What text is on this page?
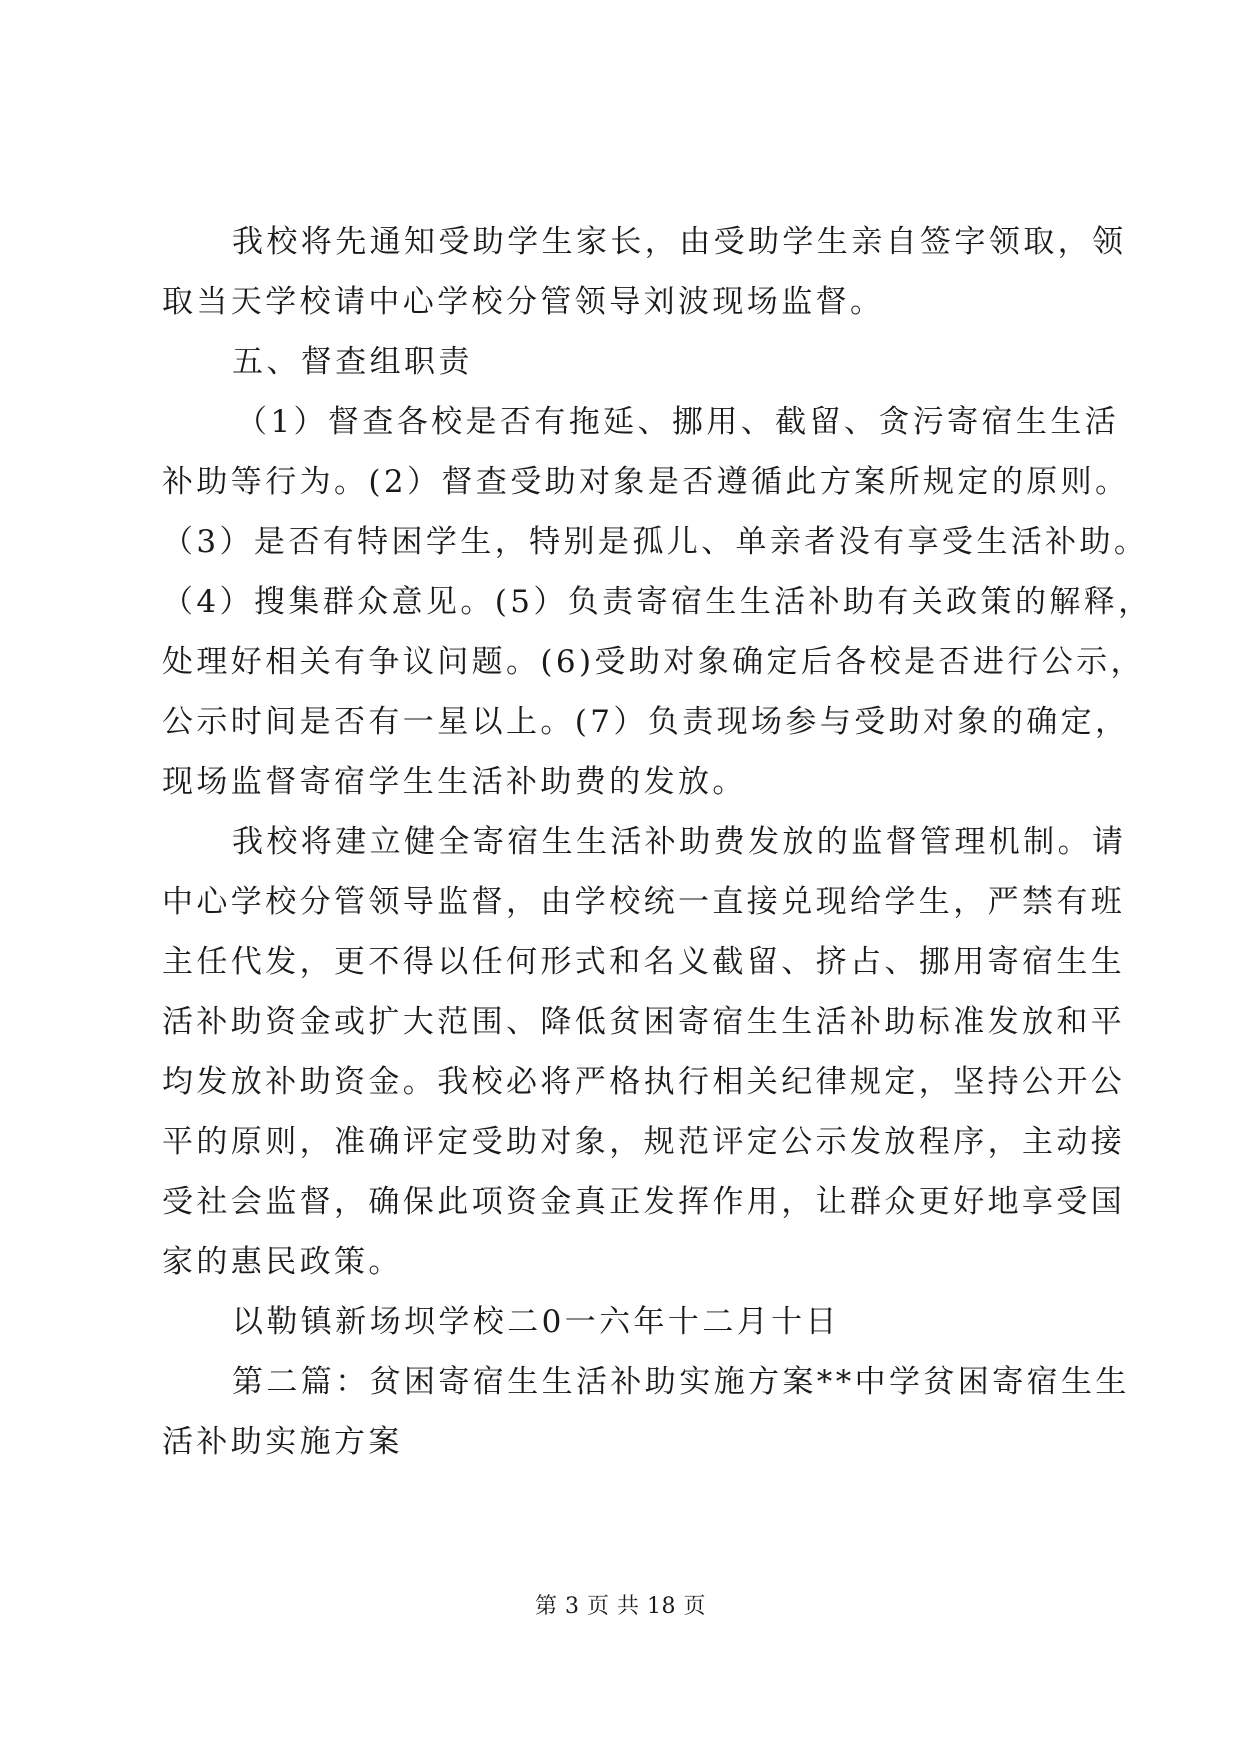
我校将先通知受助学生家长，由受助学生亲自签字领取，领
取当天学校请中心学校分管领导刘波现场监督。
五、督查组职责
（1）督查各校是否有拖延、挪用、截留、贪污寄宿生生活
补助等行为。(2）督查受助对象是否遵循此方案所规定的原则。
（3）是否有特困学生，特别是孤儿、单亲者没有享受生活补助。
（4）搜集群众意见。(5）负责寄宿生生活补助有关政策的解释，
处理好相关有争议问题。(6)受助对象确定后各校是否进行公示，
公示时间是否有一星以上。(7）负责现场参与受助对象的确定，
现场监督寄宿学生生活补助费的发放。
我校将建立健全寄宿生生活补助费发放的监督管理机制。请
中心学校分管领导监督，由学校统一直接兑现给学生，严禁有班
主任代发，更不得以任何形式和名义截留、挤占、挪用寄宿生生
活补助资金或扩大范围、降低贫困寄宿生生活补助标准发放和平
均发放补助资金。我校必将严格执行相关纪律规定，坚持公开公
平的原则，准确评定受助对象，规范评定公示发放程序，主动接
受社会监督，确保此项资金真正发挥作用，让群众更好地享受国
家的惠民政策。
以勒镇新场坝学校二0一六年十二月十日
第二篇：贫困寄宿生生活补助实施方案**中学贫困寄宿生生
活补助实施方案
第 3 页 共 18 页
